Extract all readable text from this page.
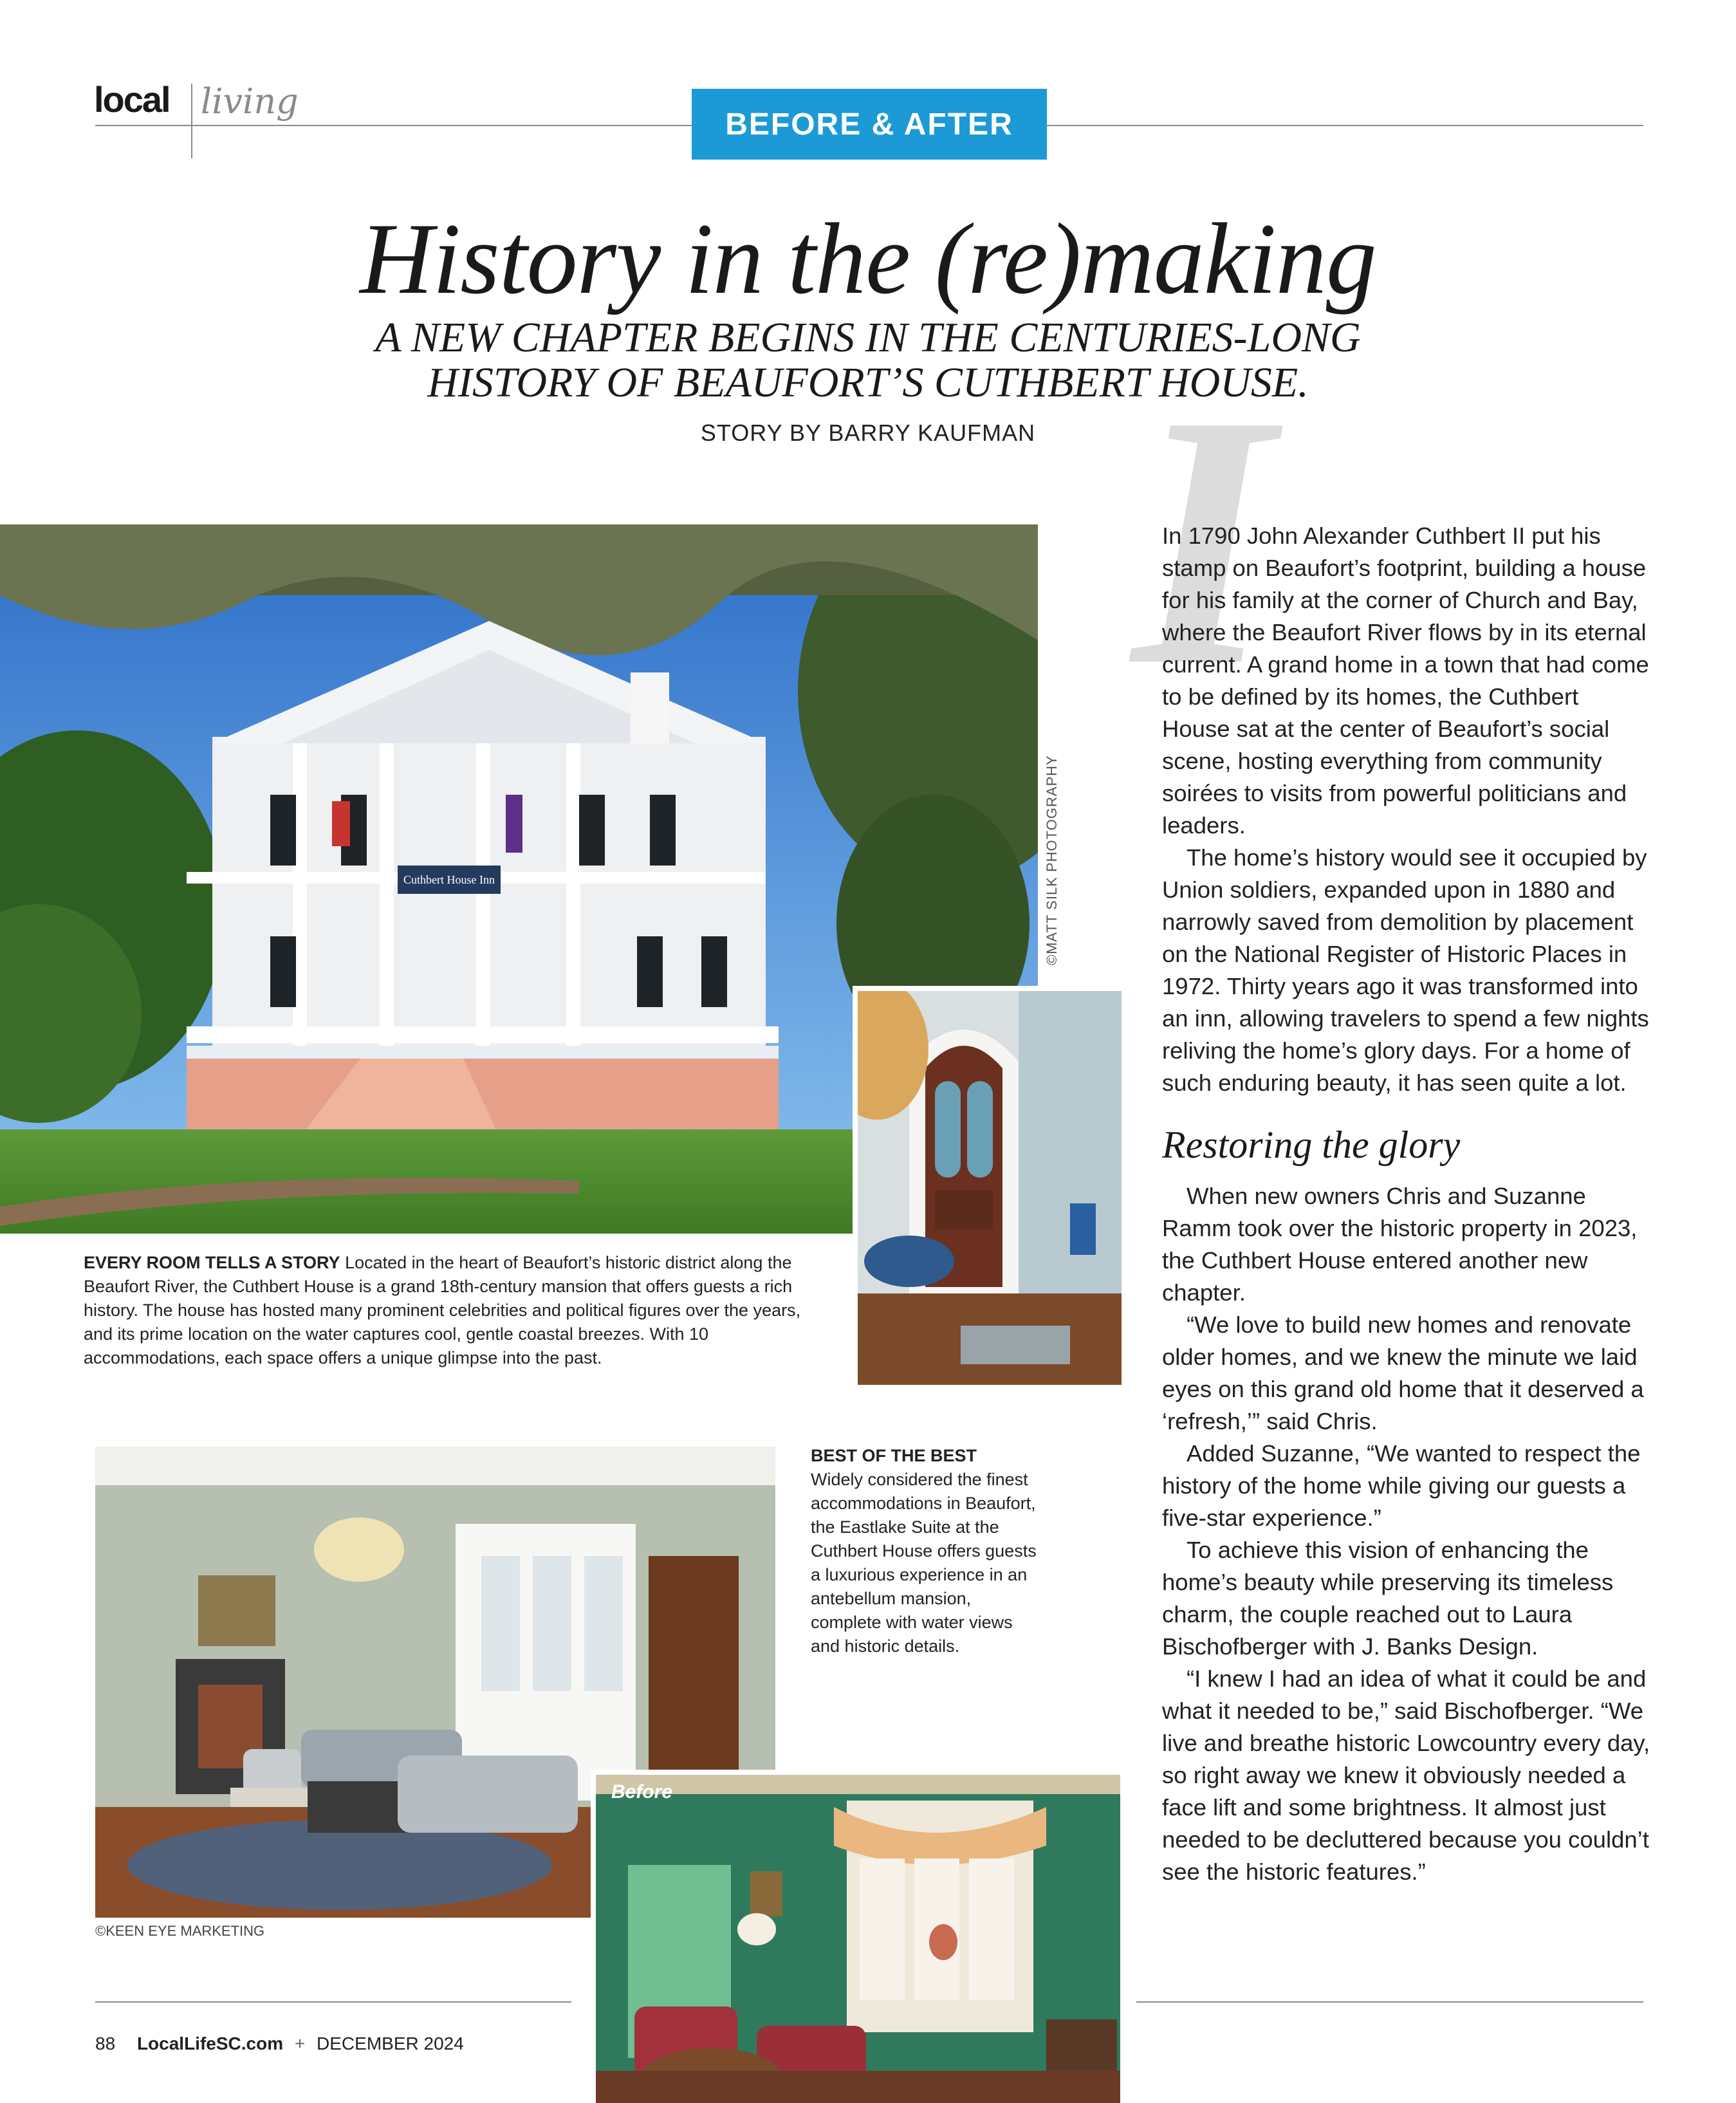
local living
BEFORE & AFTER
History in the (re)making
A NEW CHAPTER BEGINS IN THE CENTURIES-LONG
HISTORY OF BEAUFORT’S CUTHBERT HOUSE.
STORY BY BARRY KAUFMAN I

In 1790 John Alexander Cuthbert II put his stamp on Beaufort’s footprint, building a house for his family at the corner of Church and Bay, where the Beaufort River flows by in its eternal current. A grand home in a town that had come to be defined by its homes, the Cuthbert House sat at the center of Beaufort’s social scene, hosting everything from community soirées to visits from powerful politicians and leaders.

The home’s history would see it occupied by Union soldiers, expanded upon in 1880 and narrowly saved from demolition by placement on the National Register of Historic Places in 1972. Thirty years ago it was transformed into an inn, allowing travelers to spend a few nights reliving the home’s glory days. For a home of such enduring beauty, it has seen quite a lot.

Restoring the glory

When new owners Chris and Suzanne Ramm took over the historic property in 2023, the Cuthbert House entered another new chapter.

“We love to build new homes and renovate older homes, and we knew the minute we laid eyes on this grand old home that it deserved a ‘refresh,’” said Chris.

Added Suzanne, “We wanted to respect the history of the home while giving our guests a five-star experience.”

To achieve this vision of enhancing the home’s beauty while preserving its timeless charm, the couple reached out to Laura Bischofberger with J. Banks Design.

“I knew I had an idea of what it could be and what it needed to be,” said Bischofberger. “We live and breathe historic Lowcountry every day, so right away we knew it obviously needed a face lift and some brightness. It almost just needed to be decluttered because you couldn’t see the historic features.”

Cuthbert House Inn	©MATT SILK PHOTOGRAPHY
EVERY ROOM TELLS A STORY Located in the heart of Beaufort’s historic district along the Beaufort River, the Cuthbert House is a grand 18th-century mansion that offers guests a rich history. The house has hosted many prominent celebrities and political figures over the years, and its prime location on the water captures cool, gentle coastal breezes. With 10 accommodations, each space offers a unique glimpse into the past.
©KEEN EYE MARKETING
BEST OF THE BEST
Widely considered the finest accommodations in Beaufort, the Eastlake Suite at the Cuthbert House offers guests a luxurious experience in an antebellum mansion, complete with water views and historic details.
Before
88 LocalLifeSC.com + DECEMBER 2024
